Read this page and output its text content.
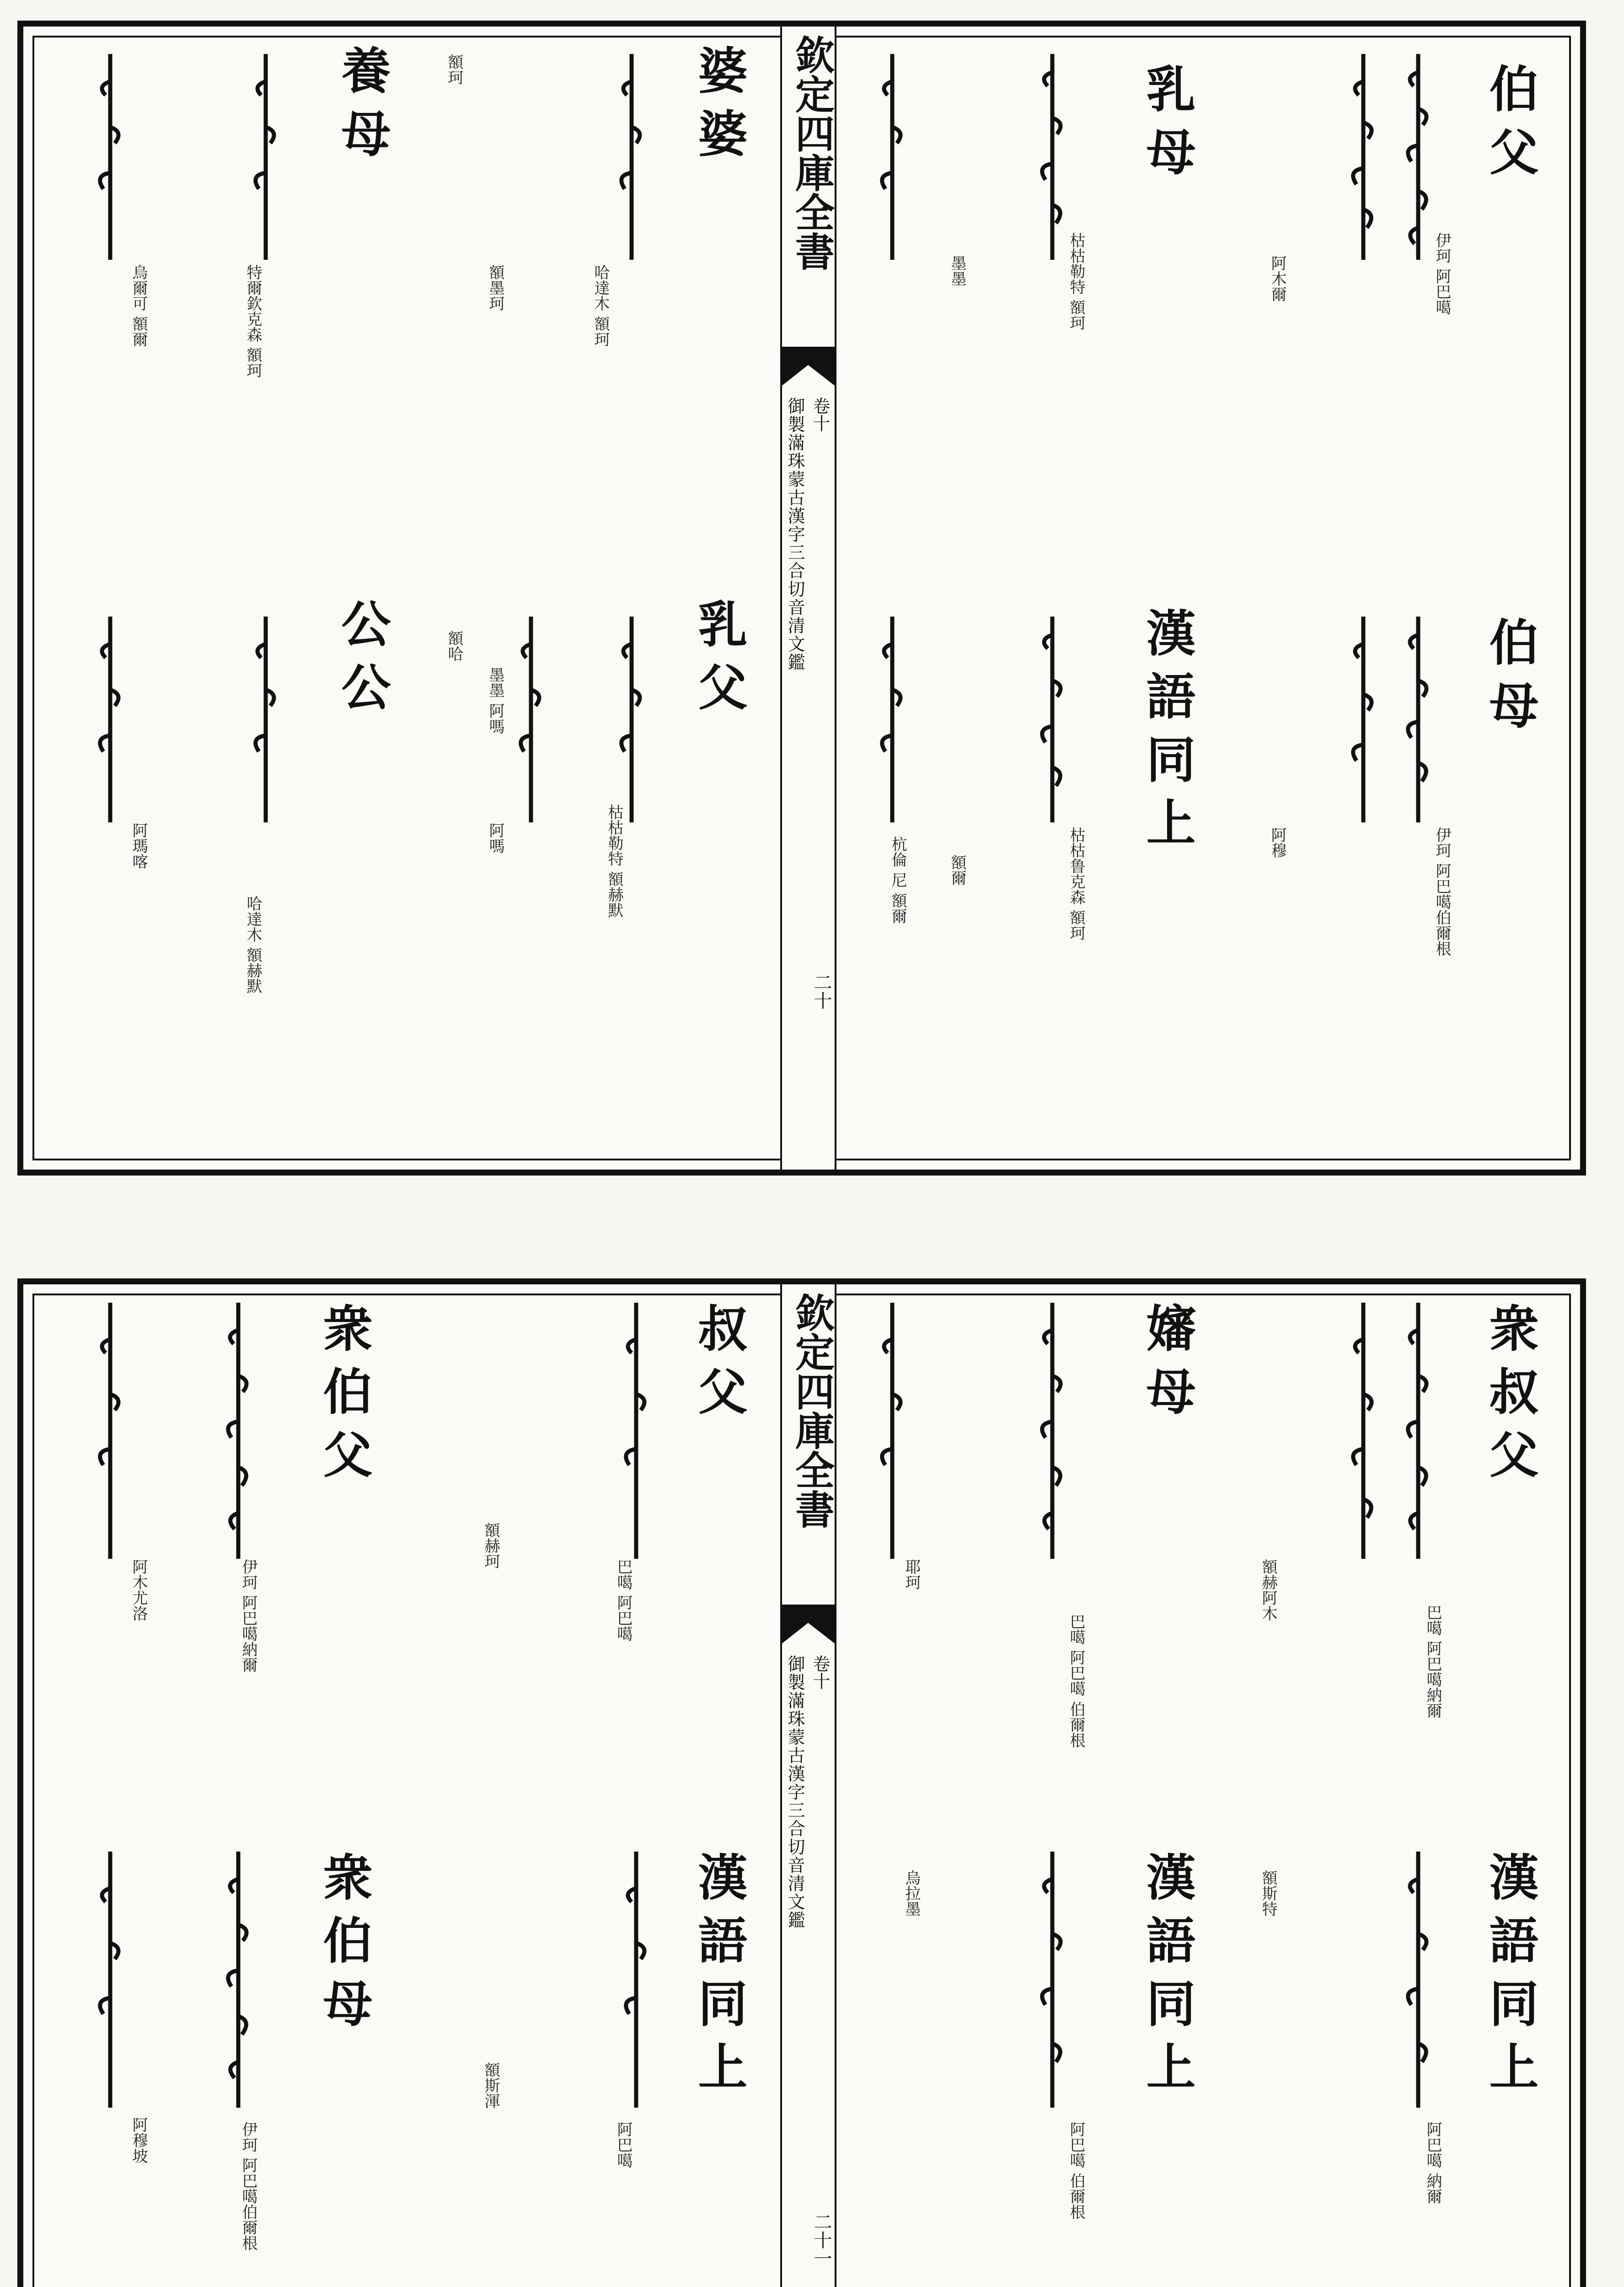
欽定四庫全書
御製滿珠蒙古漢字三合切音清文鑑 卷十
二十
伯父
伊珂 阿巴噶
伯母
伊珂 阿巴噶伯爾根
乳母
枯枯勒特 額珂
漢語同上
枯枯鲁克森 額珂
婆婆
哈達木 額珂
乳父
枯枯勒特 額赫默
養母
特爾欽克森 額珂
公公
哈達木 額赫默
阿木爾
阿穆
墨墨
額爾
額墨珂
額哈
額珂
阿嗎
墨墨 阿嗎
杭倫 尼 額爾
烏爾可 額爾
阿瑪喀
欽定四庫全書
御製滿珠蒙古漢字三合切音清文鑑 卷十
二十一
衆叔父
巴噶 阿巴噶納爾
漢語同上
阿巴噶 納爾
嬸母
巴噶 阿巴噶 伯爾根
漢語同上
阿巴噶 伯爾根
叔父
巴噶 阿巴噶
漢語同上
阿巴噶
衆伯父
伊珂 阿巴噶納爾
衆伯母
伊珂 阿巴噶伯爾根
額赫阿木
額斯特
耶珂
烏拉墨
額赫珂
額斯渾
阿木尤洛
阿穆坡
